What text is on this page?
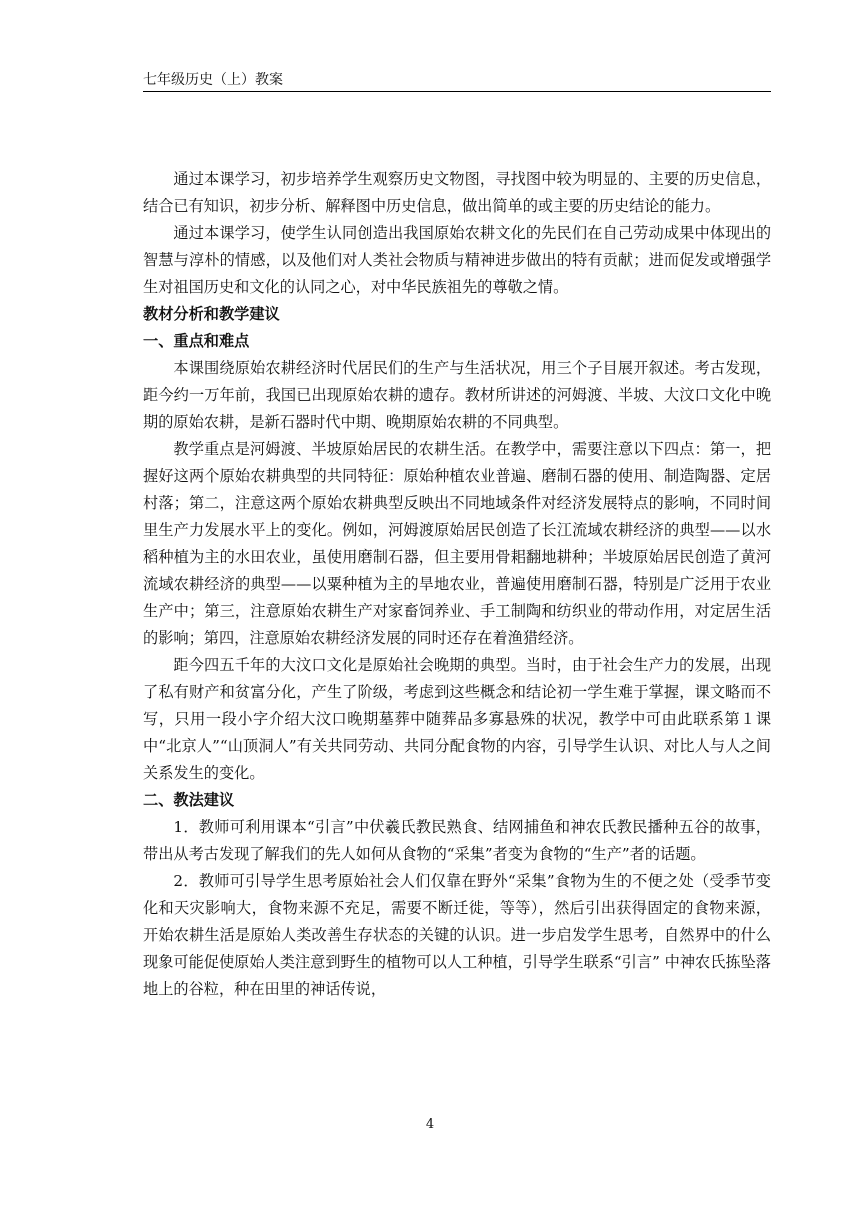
七年级历史（上）教案

通过本课学习，初步培养学生观察历史文物图，寻找图中较为明显的、主要的历史信息，结合已有知识，初步分析、解释图中历史信息，做出简单的或主要的历史结论的能力。

通过本课学习，使学生认同创造出我国原始农耕文化的先民们在自己劳动成果中体现出的智慧与淳朴的情感，以及他们对人类社会物质与精神进步做出的特有贡献；进而促发或增强学生对祖国历史和文化的认同之心，对中华民族祖先的尊敬之情。

教材分析和教学建议

一、重点和难点

本课围绕原始农耕经济时代居民们的生产与生活状况，用三个子目展开叙述。考古发现，距今约一万年前，我国已出现原始农耕的遗存。教材所讲述的河姆渡、半坡、大汶口文化中晚期的原始农耕，是新石器时代中期、晚期原始农耕的不同典型。

教学重点是河姆渡、半坡原始居民的农耕生活。在教学中，需要注意以下四点：第一，把握好这两个原始农耕典型的共同特征：原始种植农业普遍、磨制石器的使用、制造陶器、定居村落；第二，注意这两个原始农耕典型反映出不同地域条件对经济发展特点的影响，不同时间里生产力发展水平上的变化。例如，河姆渡原始居民创造了长江流域农耕经济的典型——以水稻种植为主的水田农业，虽使用磨制石器，但主要用骨耜翻地耕种；半坡原始居民创造了黄河流域农耕经济的典型——以粟种植为主的旱地农业，普遍使用磨制石器，特别是广泛用于农业生产中；第三，注意原始农耕生产对家畜饲养业、手工制陶和纺织业的带动作用，对定居生活的影响；第四，注意原始农耕经济发展的同时还存在着渔猎经济。

距今四五千年的大汶口文化是原始社会晚期的典型。当时，由于社会生产力的发展，出现了私有财产和贫富分化，产生了阶级，考虑到这些概念和结论初一学生难于掌握，课文略而不写，只用一段小字介绍大汶口晚期墓葬中随葬品多寡悬殊的状况，教学中可由此联系第１课中“北京人”“山顶洞人”有关共同劳动、共同分配食物的内容，引导学生认识、对比人与人之间关系发生的变化。

二、教法建议

1．教师可利用课本“引言”中伏羲氏教民熟食、结网捕鱼和神农氏教民播种五谷的故事，带出从考古发现了解我们的先人如何从食物的“采集”者变为食物的“生产”者的话题。

2．教师可引导学生思考原始社会人们仅靠在野外“采集”食物为生的不便之处（受季节变化和天灾影响大，食物来源不充足，需要不断迁徙，等等），然后引出获得固定的食物来源，开始农耕生活是原始人类改善生存状态的关键的认识。进一步启发学生思考，自然界中的什么现象可能促使原始人类注意到野生的植物可以人工种植，引导学生联系“引言” 中神农氏拣坠落地上的谷粒，种在田里的神话传说，

4
